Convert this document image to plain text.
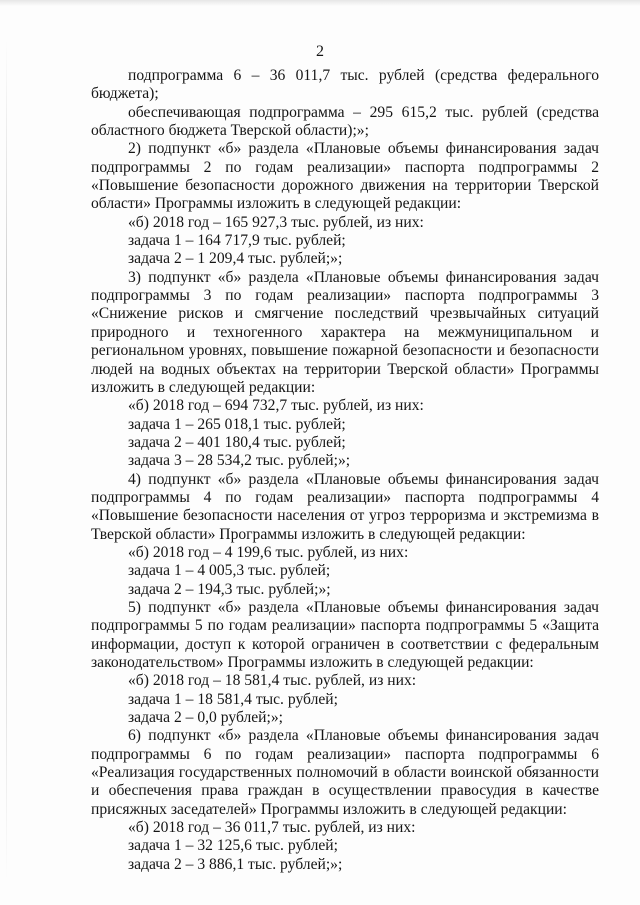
2

подпрограмма 6 – 36 011,7 тыс. рублей (средства федерального бюджета);

обеспечивающая подпрограмма – 295 615,2 тыс. рублей (средства областного бюджета Тверской области);»;

2) подпункт «б» раздела «Плановые объемы финансирования задач подпрограммы 2 по годам реализации» паспорта подпрограммы 2 «Повышение безопасности дорожного движения на территории Тверской области» Программы изложить в следующей редакции:

«б) 2018 год – 165 927,3 тыс. рублей, из них:

задача 1 – 164 717,9 тыс. рублей;

задача 2 – 1 209,4 тыс. рублей;»;

3) подпункт «б» раздела «Плановые объемы финансирования задач подпрограммы 3 по годам реализации» паспорта подпрограммы 3 «Снижение рисков и смягчение последствий чрезвычайных ситуаций природного и техногенного характера на межмуниципальном и региональном уровнях, повышение пожарной безопасности и безопасности людей на водных объектах на территории Тверской области» Программы изложить в следующей редакции:

«б) 2018 год – 694 732,7 тыс. рублей, из них:

задача 1 – 265 018,1 тыс. рублей;

задача 2 – 401 180,4 тыс. рублей;

задача 3 – 28 534,2 тыс. рублей;»;

4) подпункт «б» раздела «Плановые объемы финансирования задач подпрограммы 4 по годам реализации» паспорта подпрограммы 4 «Повышение безопасности населения от угроз терроризма и экстремизма в Тверской области» Программы изложить в следующей редакции:

«б) 2018 год – 4 199,6 тыс. рублей, из них:

задача 1 – 4 005,3 тыс. рублей;

задача 2 – 194,3 тыс. рублей;»;

5) подпункт «б» раздела «Плановые объемы финансирования задач подпрограммы 5 по годам реализации» паспорта подпрограммы 5 «Защита информации, доступ к которой ограничен в соответствии с федеральным законодательством» Программы изложить в следующей редакции:

«б) 2018 год – 18 581,4 тыс. рублей, из них:

задача 1 – 18 581,4 тыс. рублей;

задача 2 – 0,0 рублей;»;

6) подпункт «б» раздела «Плановые объемы финансирования задач подпрограммы 6 по годам реализации» паспорта подпрограммы 6 «Реализация государственных полномочий в области воинской обязанности и обеспечения права граждан в осуществлении правосудия в качестве присяжных заседателей» Программы изложить в следующей редакции:

«б) 2018 год – 36 011,7 тыс. рублей, из них:

задача 1 – 32 125,6 тыс. рублей;

задача 2 – 3 886,1 тыс. рублей;»;
